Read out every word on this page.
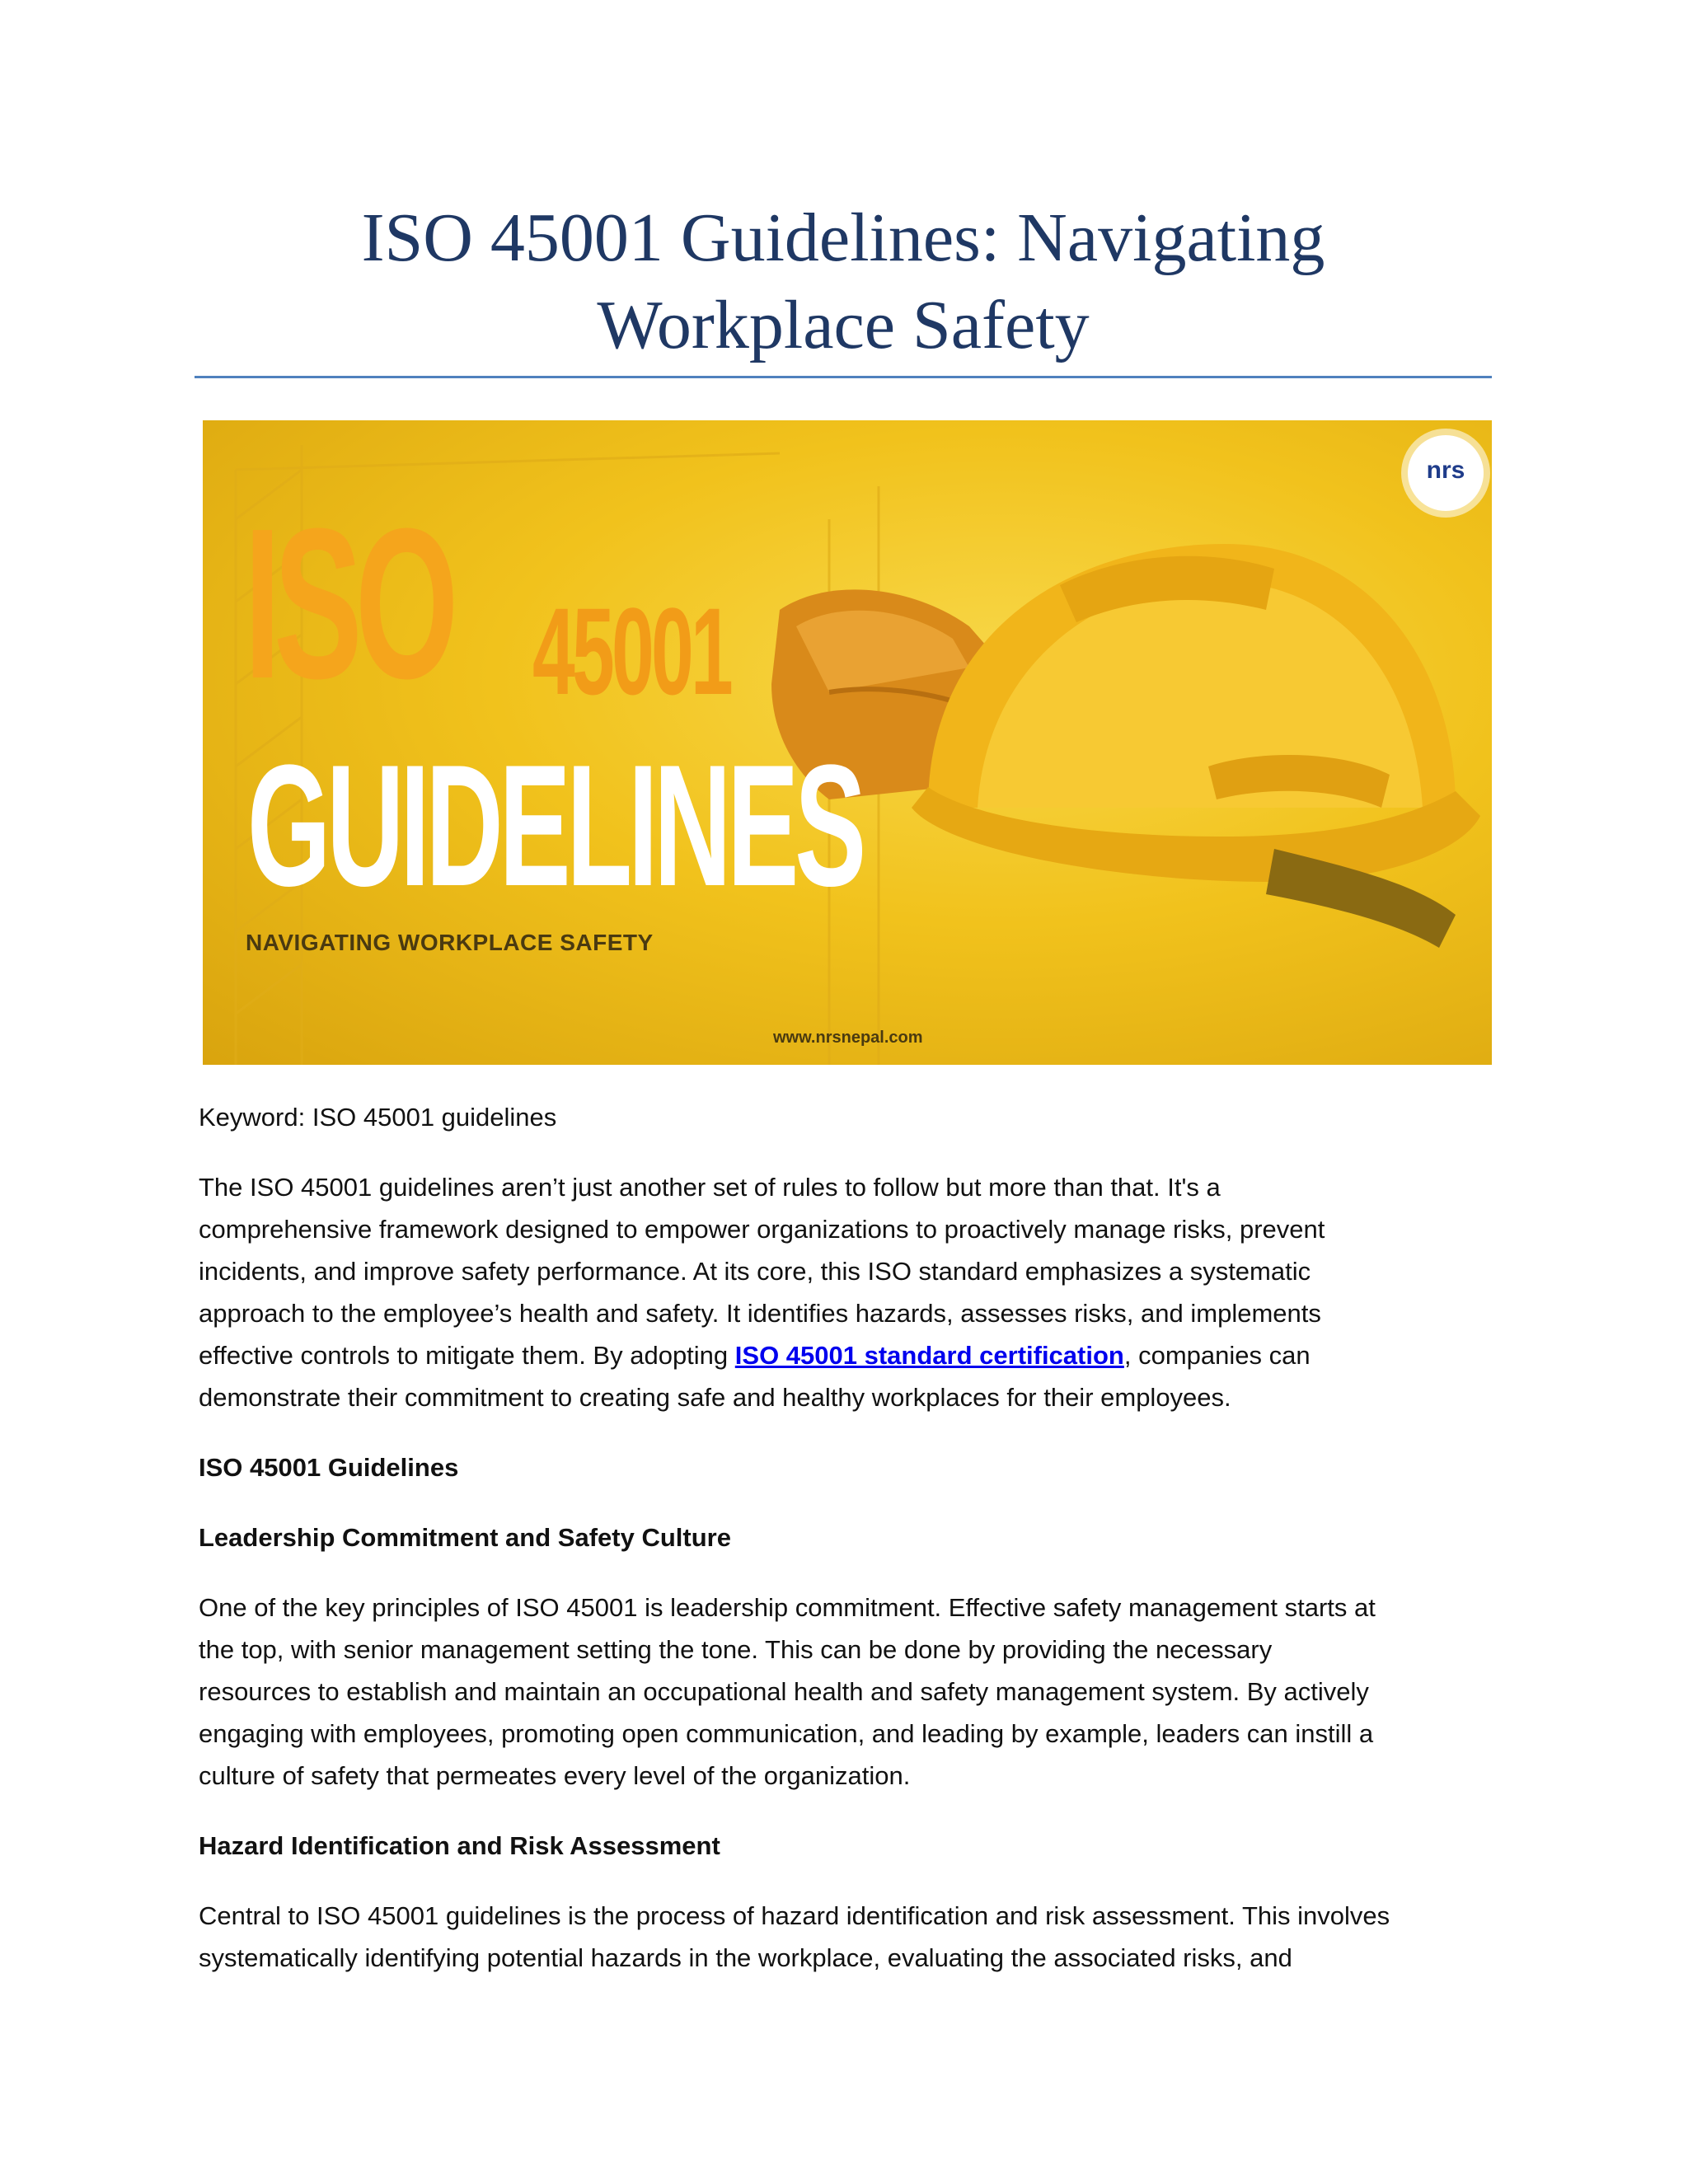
ISO 45001 Guidelines: Navigating
Workplace Safety
ISO 45001
GUIDELINES
NAVIGATING WORKPLACE SAFETY
www.nrsnepal.com
nrs

Keyword: ISO 45001 guidelines

The ISO 45001 guidelines aren’t just another set of rules to follow but more than that. It's a

comprehensive framework designed to empower organizations to proactively manage risks, prevent

incidents, and improve safety performance. At its core, this ISO standard emphasizes a systematic

approach to the employee’s health and safety. It identifies hazards, assesses risks, and implements

effective controls to mitigate them. By adopting ISO 45001 standard certification, companies can

demonstrate their commitment to creating safe and healthy workplaces for their employees.

ISO 45001 Guidelines

Leadership Commitment and Safety Culture

One of the key principles of ISO 45001 is leadership commitment. Effective safety management starts at

the top, with senior management setting the tone. This can be done by providing the necessary

resources to establish and maintain an occupational health and safety management system. By actively

engaging with employees, promoting open communication, and leading by example, leaders can instill a

culture of safety that permeates every level of the organization.

Hazard Identification and Risk Assessment

Central to ISO 45001 guidelines is the process of hazard identification and risk assessment. This involves

systematically identifying potential hazards in the workplace, evaluating the associated risks, and
